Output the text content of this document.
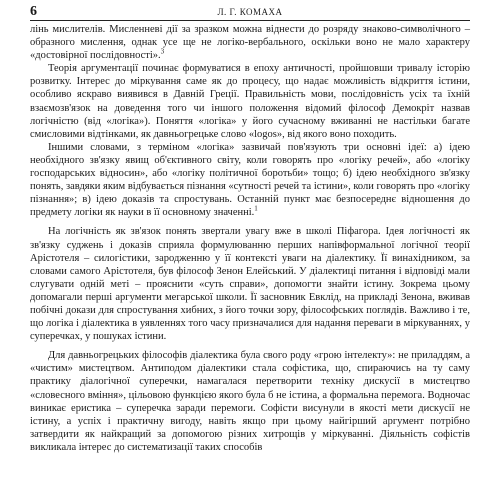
6	Л. Г. КОМАХА

лінь мислителів. Мисленневі дії за зразком можна віднести до розряду знаково-символічного – образного мислення, однак усе ще не логіко-вербального, оскільки воно не мало характеру «достовірної послідовності».$^3$

Теорія аргументації починає формуватися в епоху античності, пройшовши тривалу історію розвитку. Інтерес до міркування саме як до процесу, що надає можливість відкриття істини, особливо яскраво виявився в Давній Греції. Правильність мови, послідовність усіх та їхній взаємозв'язок на доведення того чи іншого положення відомий філософ Демокріт назвав логічністю (від «логіка»). Поняття «логіка» у його сучасному вживанні не настільки багате смисловими відтінками, як давньогрецьке слово «logos», від якого воно походить.

Іншими словами, з терміном «логіка» зазвичай пов'язують три основні ідеї: а) ідею необхідного зв'язку явищ об'єктивного світу, коли говорять про «логіку речей», або «логіку господарських відносин», або «логіку політичної боротьби» тощо; б) ідею необхідного зв'язку понять, завдяки яким відбувається пізнання «сутності речей та істини», коли говорять про «логіку пізнання»; в) ідею доказів та спростувань. Останній пункт має безпосереднє відношення до предмету логіки як науки в її основному значенні.$^1$

На логічність як зв'язок понять звертали увагу вже в школі Піфагора. Ідея логічності як зв'язку суджень і доказів сприяла формулюванню перших напівформальної логічної теорії Арістотеля – силогістики, зародженню у її контексті уваги на діалектику. Її винахідником, за словами самого Арістотеля, був філософ Зенон Елейський. У діалектиці питання і відповіді мали слугувати одній меті – прояснити «суть справи», допомогти знайти істину. Зокрема цьому допомагали перші аргументи мегарської школи. Її засновник Евклід, на прикладі Зенона, вживав побічні докази для спростування хибних, з його точки зору, філософських поглядів. Важливо і те, що логіка і діалектика в уявленнях того часу призначалися для надання переваги в міркуваннях, у суперечках, у пошуках істини.

Для давньогрецьких філософів діалектика була свого роду «грою інтелекту»: не приладдям, а «чистим» мистецтвом. Антиподом діалектики стала софістика, що, спираючись на ту саму практику діалогічної суперечки, намагалася перетворити техніку дискусії в мистецтво «словесного вміння», цільовою функцією якого була б не істина, а формальна перемога. Водночас виникає еристика – суперечка заради перемоги. Софісти висунули в якості мети дискусії не істину, а успіх і практичну вигоду, навіть якщо при цьому найгірший аргумент потрібно затвердити як найкращий за допомогою різних хитрощів у міркуванні. Діяльність софістів викликала інтерес до систематизації таких способів
